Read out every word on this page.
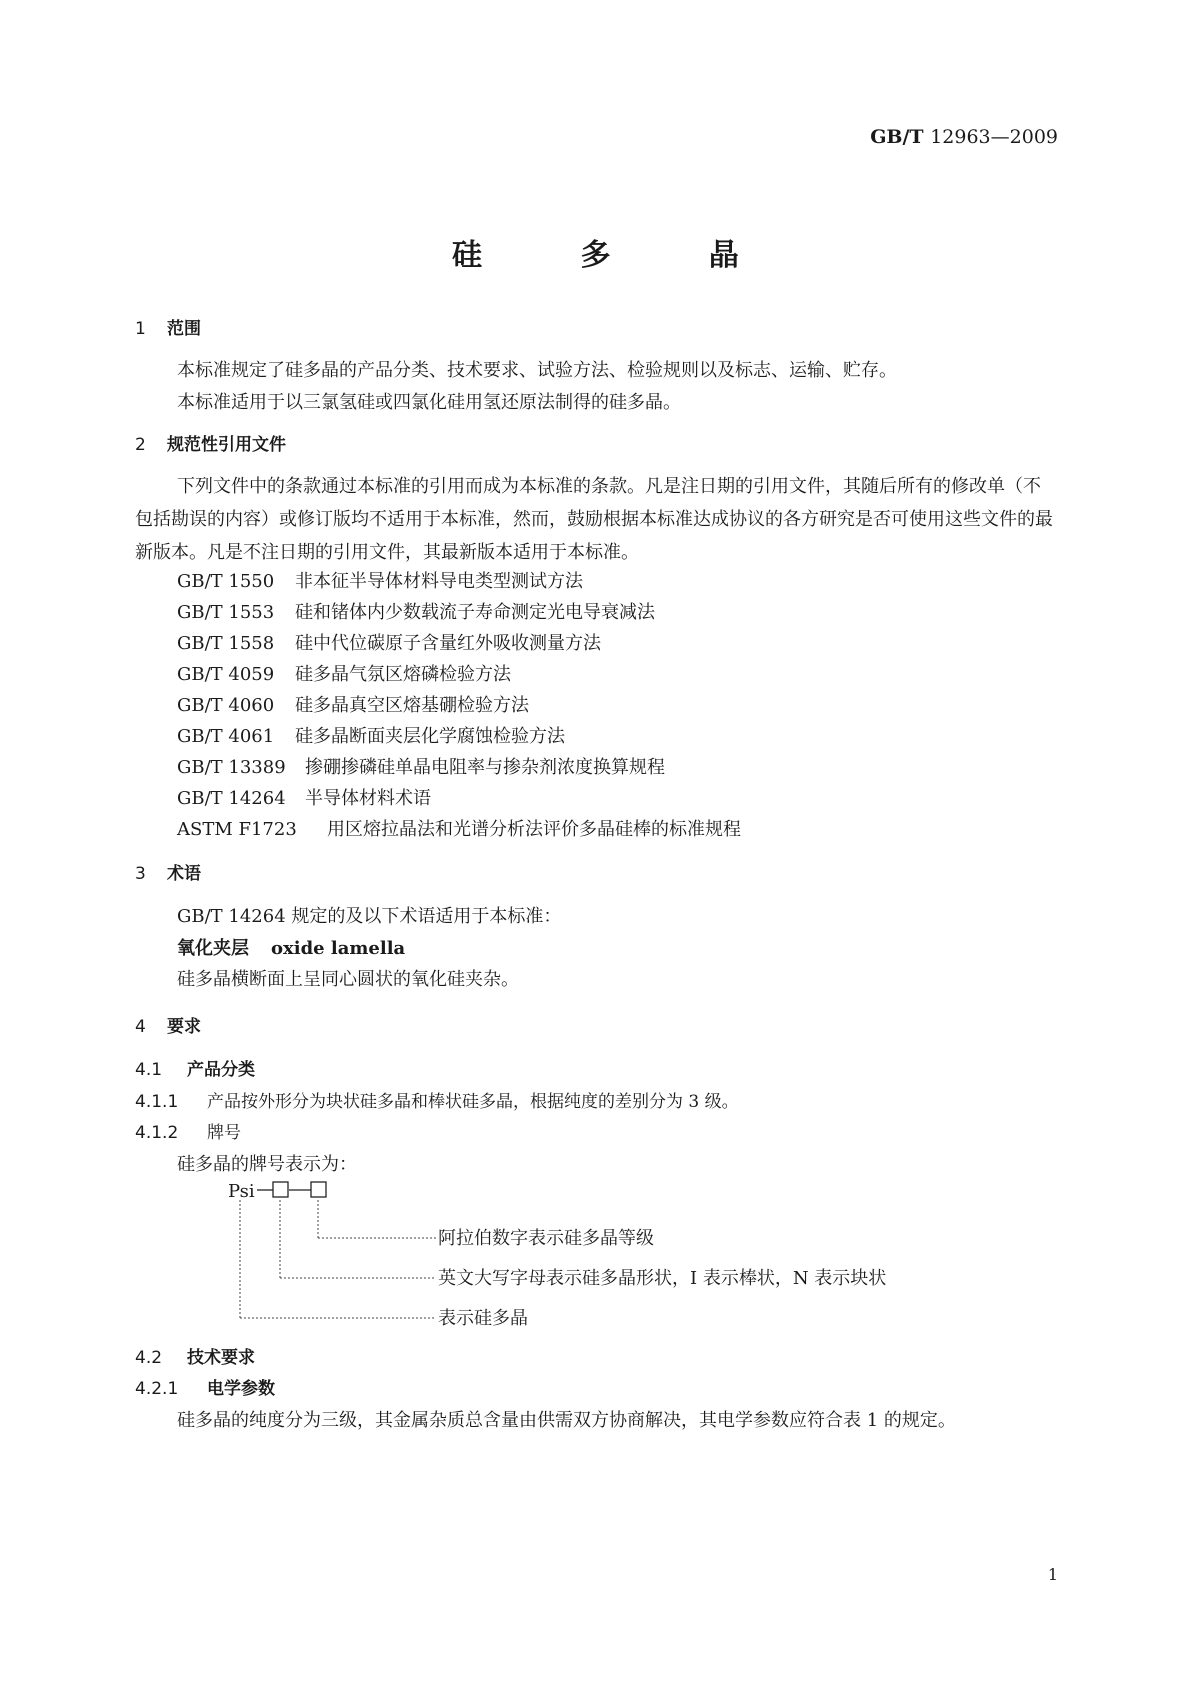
GB/T 12963—2009
硅 多 晶
1 范围
本标准规定了硅多晶的产品分类、技术要求、试验方法、检验规则以及标志、运输、贮存。
本标准适用于以三氯氢硅或四氯化硅用氢还原法制得的硅多晶。
2 规范性引用文件
下列文件中的条款通过本标准的引用而成为本标准的条款。凡是注日期的引用文件，其随后所有的修改单（不包括勘误的内容）或修订版均不适用于本标准，然而，鼓励根据本标准达成协议的各方研究是否可使用这些文件的最新版本。凡是不注日期的引用文件，其最新版本适用于本标准。
GB/T 1550 非本征半导体材料导电类型测试方法
GB/T 1553 硅和锗体内少数载流子寿命测定光电导衰减法
GB/T 1558 硅中代位碳原子含量红外吸收测量方法
GB/T 4059 硅多晶气氛区熔磷检验方法
GB/T 4060 硅多晶真空区熔基硼检验方法
GB/T 4061 硅多晶断面夹层化学腐蚀检验方法
GB/T 13389 掺硼掺磷硅单晶电阻率与掺杂剂浓度换算规程
GB/T 14264 半导体材料术语
ASTM F1723 用区熔拉晶法和光谱分析法评价多晶硅棒的标准规程
3 术语
GB/T 14264 规定的及以下术语适用于本标准：
氧化夹层 oxide lamella
硅多晶横断面上呈同心圆状的氧化硅夹杂。
4 要求
4.1 产品分类
4.1.1 产品按外形分为块状硅多晶和棒状硅多晶，根据纯度的差别分为 3 级。
4.1.2 牌号
硅多晶的牌号表示为：
Psi
阿拉伯数字表示硅多晶等级
英文大写字母表示硅多晶形状，I 表示棒状，N 表示块状
表示硅多晶
4.2 技术要求
4.2.1 电学参数
硅多晶的纯度分为三级，其金属杂质总含量由供需双方协商解决，其电学参数应符合表 1 的规定。
1
